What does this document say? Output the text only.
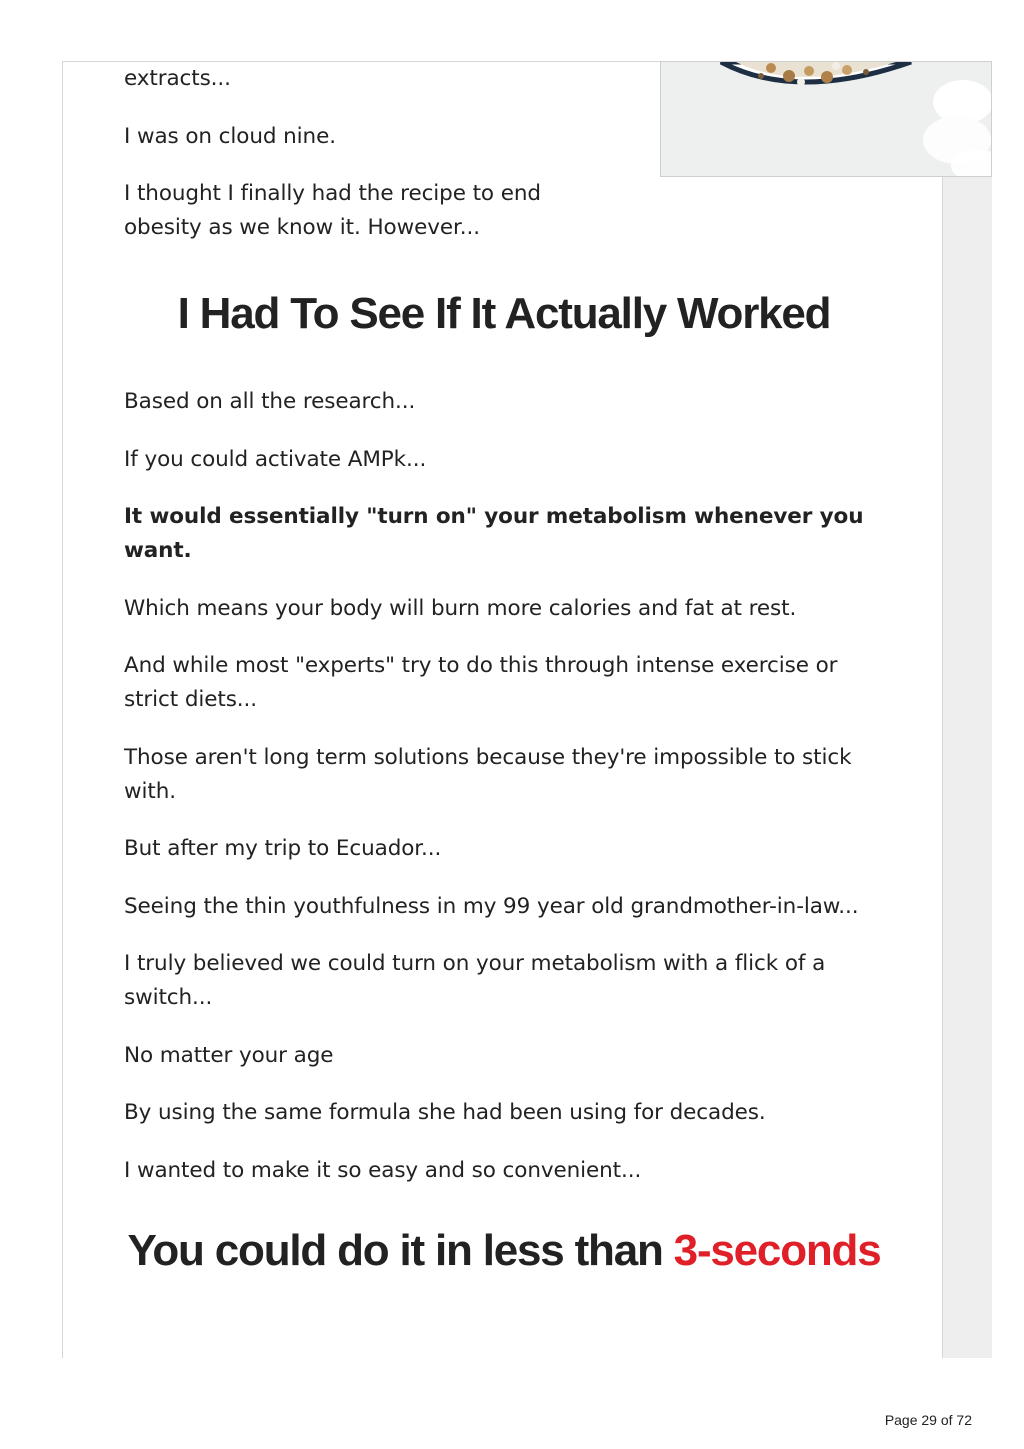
extracts...

I was on cloud nine.

I thought I finally had the recipe to end obesity as we know it. However...

I Had To See If It Actually Worked

Based on all the research...

If you could activate AMPk...

It would essentially "turn on" your metabolism whenever you want.

Which means your body will burn more calories and fat at rest.

And while most "experts" try to do this through intense exercise or strict diets...

Those aren't long term solutions because they're impossible to stick with.

But after my trip to Ecuador...

Seeing the thin youthfulness in my 99 year old grandmother-in-law...

I truly believed we could turn on your metabolism with a flick of a switch...

No matter your age

By using the same formula she had been using for decades.

I wanted to make it so easy and so convenient...

You could do it in less than 3-seconds
Page 29 of 72
